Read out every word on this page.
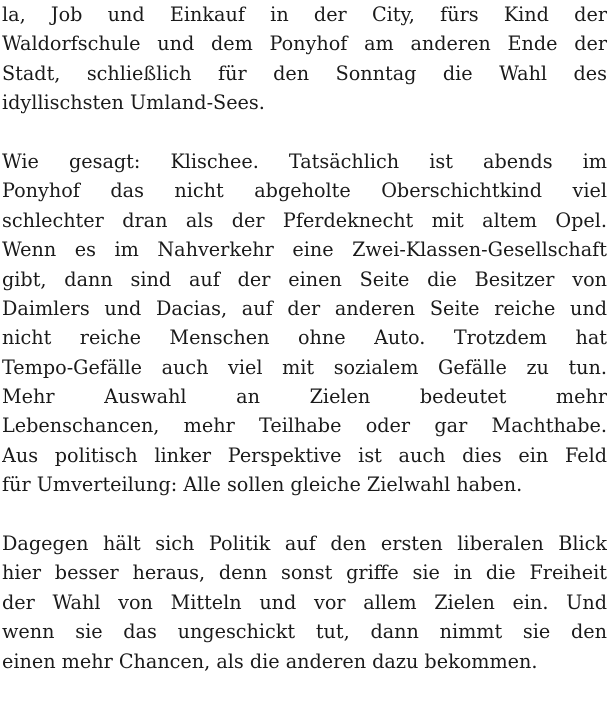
la, Job und Einkauf in der City, fürs Kind der
Waldorfschule und dem Ponyhof am anderen Ende der
Stadt, schließlich für den Sonntag die Wahl des
idyllischsten Umland-Sees.
Wie gesagt: Klischee. Tatsächlich ist abends im
Ponyhof das nicht abgeholte Oberschichtkind viel
schlechter dran als der Pferdeknecht mit altem Opel.
Wenn es im Nahverkehr eine Zwei-Klassen-Gesellschaft
gibt, dann sind auf der einen Seite die Besitzer von
Daimlers und Dacias, auf der anderen Seite reiche und
nicht reiche Menschen ohne Auto. Trotzdem hat
Tempo-Gefälle auch viel mit sozialem Gefälle zu tun.
Mehr Auswahl an Zielen bedeutet mehr
Lebenschancen, mehr Teilhabe oder gar Machthabe.
Aus politisch linker Perspektive ist auch dies ein Feld
für Umverteilung: Alle sollen gleiche Zielwahl haben.
Dagegen hält sich Politik auf den ersten liberalen Blick
hier besser heraus, denn sonst griffe sie in die Freiheit
der Wahl von Mitteln und vor allem Zielen ein. Und
wenn sie das ungeschickt tut, dann nimmt sie den
einen mehr Chancen, als die anderen dazu bekommen.
